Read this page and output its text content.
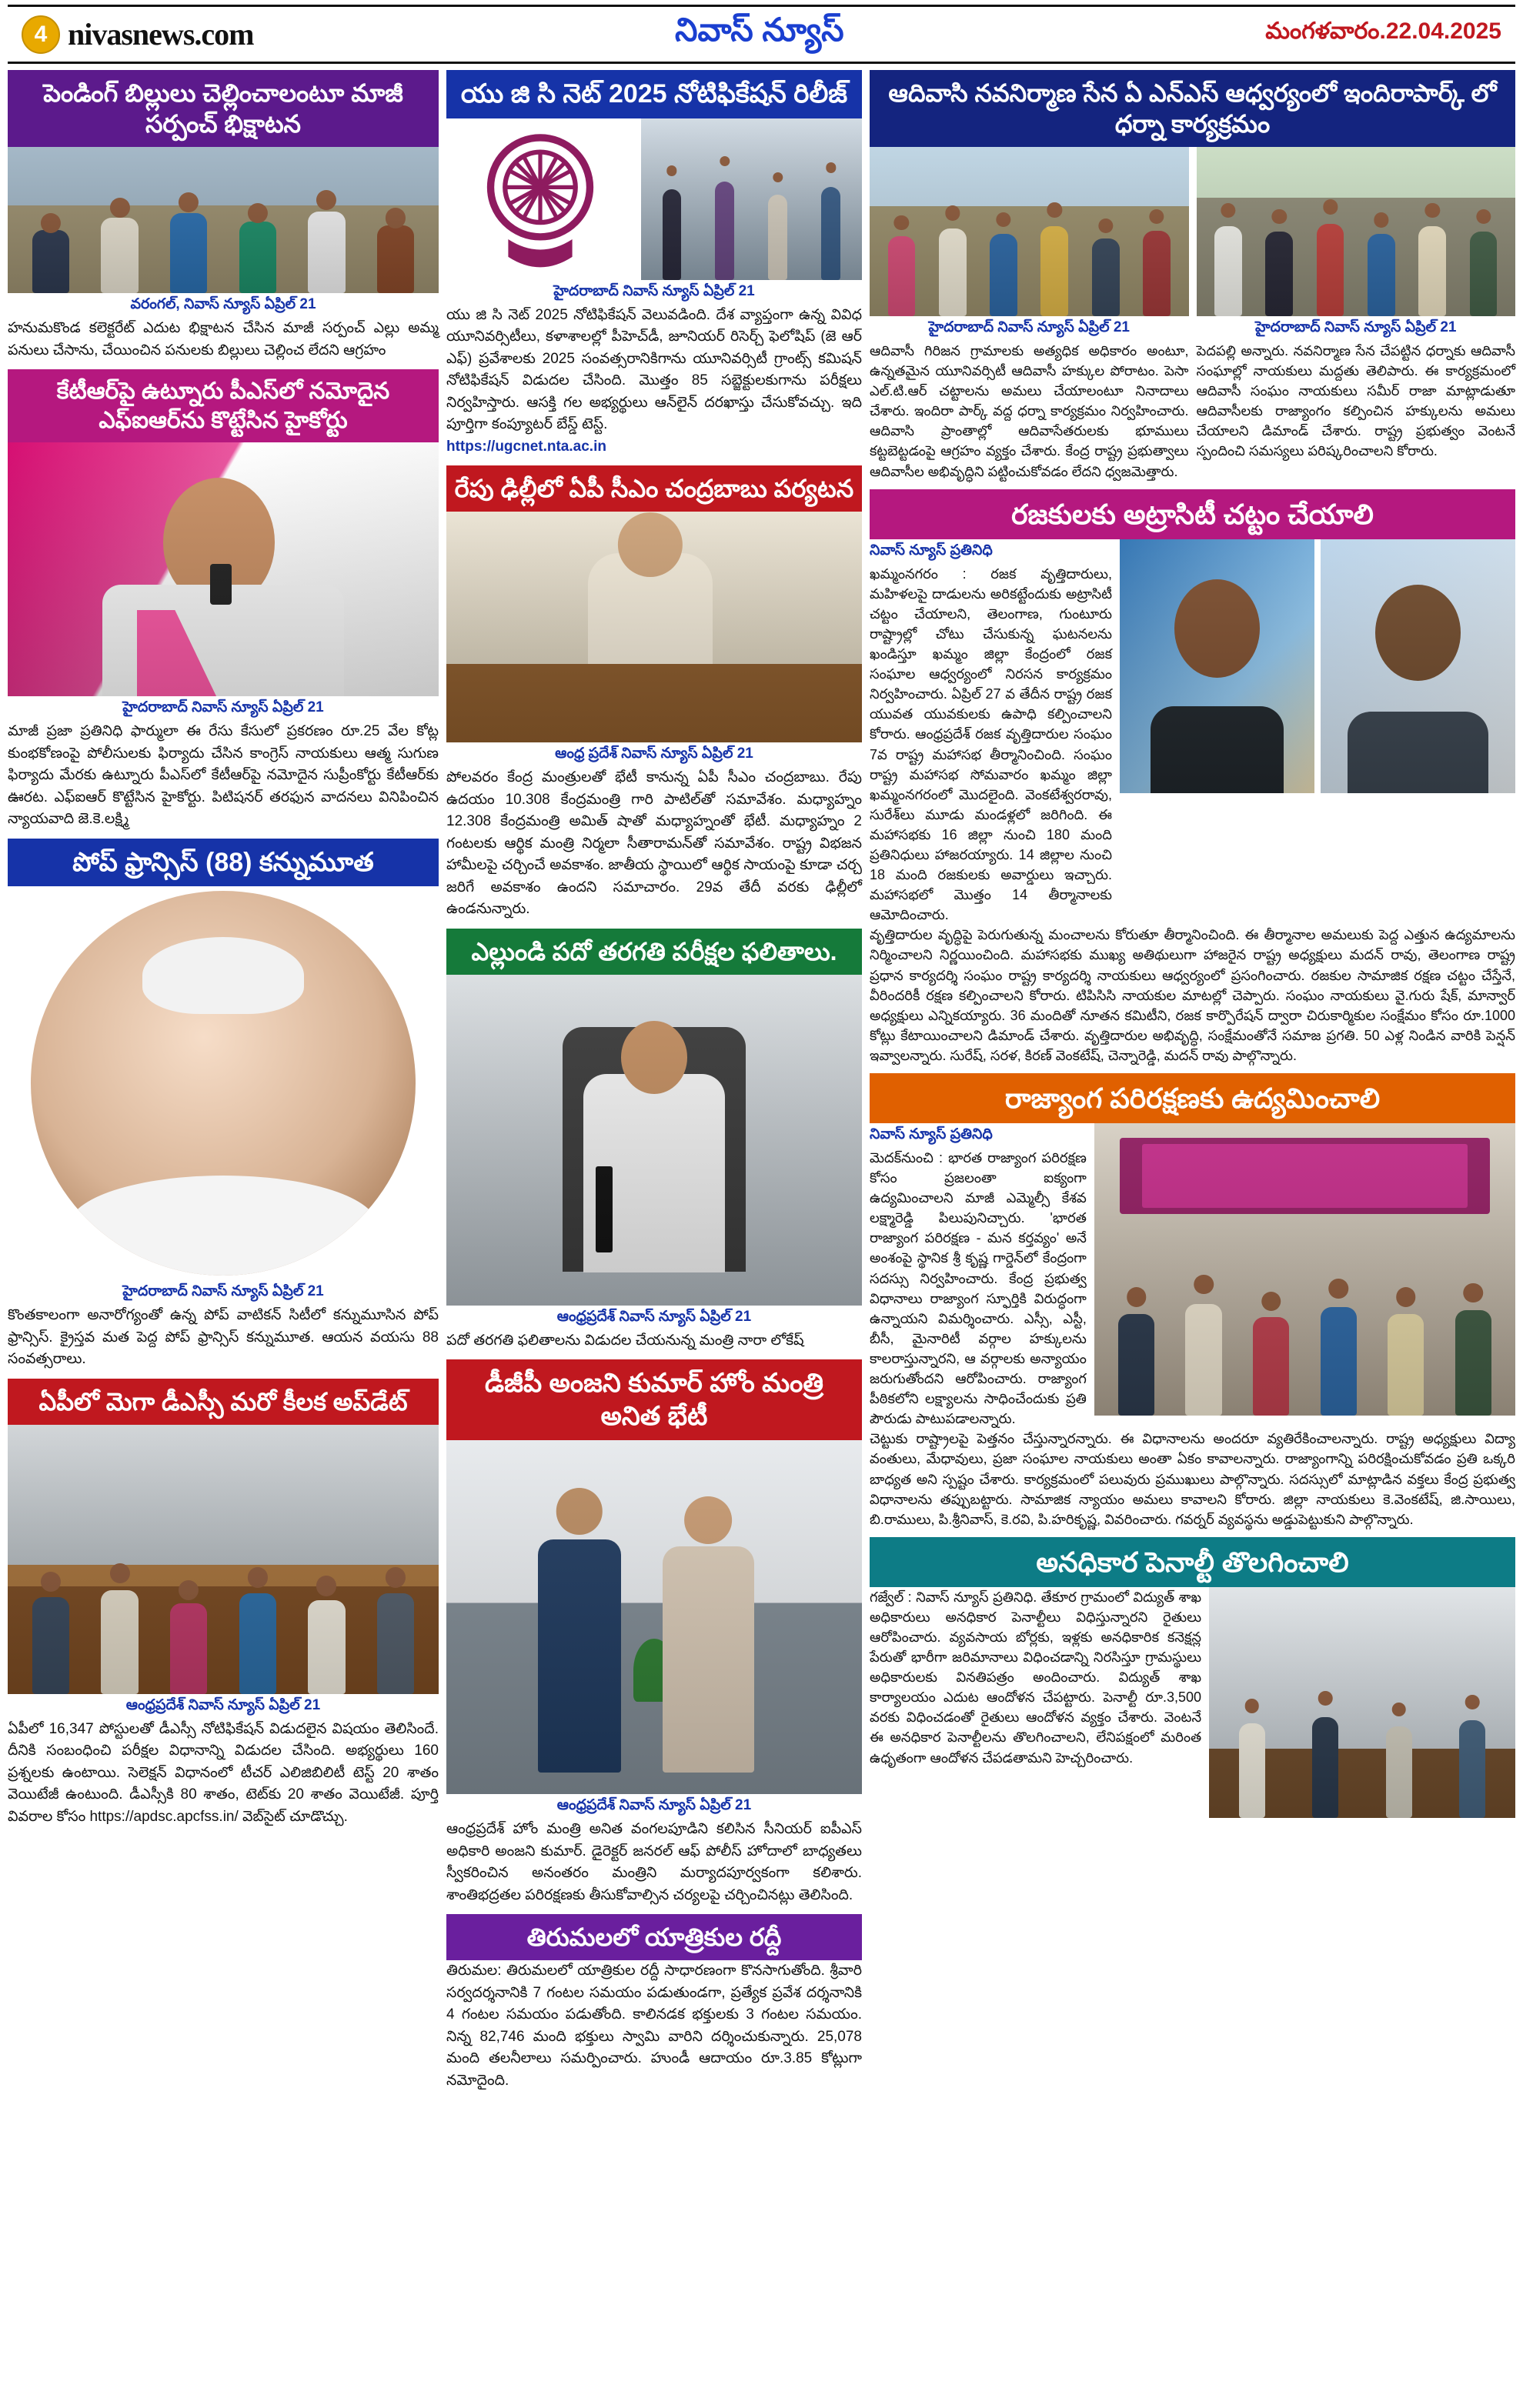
4 nivasnews.com	నివాస్ న్యూస్	మంగళవారం.22.04.2025
పెండింగ్ బిల్లులు చెల్లించాలంటూ మాజీ సర్పంచ్ భిక్షాటన
వరంగల్, నివాస్ న్యూస్ ఏప్రిల్ 21
హనుమకొండ కలెక్టరేట్ ఎదుట భిక్షాటన చేసిన మాజీ సర్పంచ్ ఎల్లు అమ్మ పనులు చేసాను, చేయించిన పనులకు బిల్లులు చెల్లించ లేదని ఆగ్రహం
కేటీఆర్‌పై ఉట్నూరు పీఎస్‌లో నమోదైన ఎఫ్ఐఆర్‌ను కొట్టేసిన హైకోర్టు
హైదరాబాద్ నివాస్ న్యూస్ ఏప్రిల్ 21
మాజీ ప్రజా ప్రతినిధి ఫార్ములా ఈ రేసు కేసులో ప్రకరణం రూ.25 వేల కోట్ల కుంభకోణంపై పోలీసులకు ఫిర్యాదు చేసిన కాంగ్రెస్ నాయకులు ఆత్మ సుగుణ ఫిర్యాదు మేరకు ఉట్నూరు పీఎస్‌లో కేటీఆర్‌పై నమోదైన సుప్రీంకోర్టు కేటీఆర్‌కు ఊరట. ఎఫ్ఐఆర్ కొట్టేసిన హైకోర్టు. పిటిషనర్ తరఫున వాదనలు వినిపించిన న్యాయవాది జె.కె.లక్ష్మి
పోప్ ఫ్రాన్సిస్ (88) కన్నుమూత
హైదరాబాద్ నివాస్ న్యూస్ ఏప్రిల్ 21
కొంతకాలంగా అనారోగ్యంతో ఉన్న పోప్ వాటికన్ సిటీలో కన్నుమూసిన పోప్ ఫ్రాన్సిస్. క్రైస్తవ మత పెద్ద పోప్ ఫ్రాన్సిస్ కన్నుమూత. ఆయన వయసు 88 సంవత్సరాలు.
ఏపీలో మెగా డీఎస్సీ మరో కీలక అప్‌డేట్
ఆంధ్రప్రదేశ్ నివాస్ న్యూస్ ఏప్రిల్ 21
ఏపీలో 16,347 పోస్టులతో డీఎస్సీ నోటిఫికేషన్ విడుదలైన విషయం తెలిసిందే. దీనికి సంబంధించి పరీక్షల విధానాన్ని విడుదల చేసింది. అభ్యర్థులు 160 ప్రశ్నలకు ఉంటాయి. సెలెక్షన్ విధానంలో టీచర్ ఎలిజిబిలిటీ టెస్ట్ 20 శాతం వెయిటేజీ ఉంటుంది. డీఎస్సీకి 80 శాతం, టెట్‌కు 20 శాతం వెయిటేజీ. పూర్తి వివరాల కోసం https://apdsc.apcfss.in/ వెబ్‌సైట్ చూడొచ్చు.
యు జి సి నెట్ 2025 నోటిఫికేషన్ రిలీజ్
హైదరాబాద్ నివాస్ న్యూస్ ఏప్రిల్ 21
యు జి సి నెట్ 2025 నోటిఫికేషన్ వెలువడింది. దేశ వ్యాప్తంగా ఉన్న వివిధ యూనివర్సిటీలు, కళాశాలల్లో పీహెచ్‌డీ, జూనియర్ రిసెర్చ్ ఫెలోషిప్ (జె ఆర్ ఎఫ్) ప్రవేశాలకు 2025 సంవత్సరానికిగాను యూనివర్సిటీ గ్రాంట్స్ కమిషన్ నోటిఫికేషన్ విడుదల చేసింది. మొత్తం 85 సబ్జెక్టులకుగాను పరీక్షలు నిర్వహిస్తారు. ఆసక్తి గల అభ్యర్థులు ఆన్‌లైన్ దరఖాస్తు చేసుకోవచ్చు. ఇది పూర్తిగా కంప్యూటర్ బేస్డ్ టెస్ట్.
https://ugcnet.nta.ac.in
రేపు ఢిల్లీలో ఏపీ సీఎం చంద్రబాబు పర్యటన
ఆంధ్ర ప్రదేశ్ నివాస్ న్యూస్ ఏప్రిల్ 21
పోలవరం కేంద్ర మంత్రులతో భేటీ కానున్న ఏపీ సీఎం చంద్రబాబు. రేపు ఉదయం 10.308 కేంద్రమంత్రి గారి పాటిల్‌తో సమావేశం. మధ్యాహ్నం 12.308 కేంద్రమంత్రి అమిత్ షాతో మధ్యాహ్నంతో భేటీ. మధ్యాహ్నం 2 గంటలకు ఆర్థిక మంత్రి నిర్మలా సీతారామన్‌తో సమావేశం. రాష్ట్ర విభజన హామీలపై చర్చించే అవకాశం. జాతీయ స్థాయిలో ఆర్థిక సాయంపై కూడా చర్చ జరిగే అవకాశం ఉందని సమాచారం. 29వ తేదీ వరకు ఢిల్లీలో ఉండనున్నారు.
ఎల్లుండి పదో తరగతి పరీక్షల ఫలితాలు.
ఆంధ్రప్రదేశ్ నివాస్ న్యూస్ ఏప్రిల్ 21
పదో తరగతి ఫలితాలను విడుదల చేయనున్న మంత్రి నారా లోకేష్
డీజీపీ అంజని కుమార్ హోం మంత్రి అనిత భేటీ
ఆంధ్రప్రదేశ్ నివాస్ న్యూస్ ఏప్రిల్ 21
ఆంధ్రప్రదేశ్ హోం మంత్రి అనిత వంగలపూడిని కలిసిన సీనియర్ ఐపీఎస్ అధికారి అంజని కుమార్. డైరెక్టర్ జనరల్ ఆఫ్ పోలీస్ హోదాలో బాధ్యతలు స్వీకరించిన అనంతరం మంత్రిని మర్యాదపూర్వకంగా కలిశారు. శాంతిభద్రతల పరిరక్షణకు తీసుకోవాల్సిన చర్యలపై చర్చించినట్లు తెలిసింది.
తిరుమలలో యాత్రికుల రద్దీ
తిరుమల: తిరుమలలో యాత్రికుల రద్దీ సాధారణంగా కొనసాగుతోంది. శ్రీవారి సర్వదర్శనానికి 7 గంటల సమయం పడుతుండగా, ప్రత్యేక ప్రవేశ దర్శనానికి 4 గంటల సమయం పడుతోంది. కాలినడక భక్తులకు 3 గంటల సమయం. నిన్న 82,746 మంది భక్తులు స్వామి వారిని దర్శించుకున్నారు. 25,078 మంది తలనీలాలు సమర్పించారు. హుండీ ఆదాయం రూ.3.85 కోట్లుగా నమోదైంది.
ఆదివాసి నవనిర్మాణ సేన ఏ ఎన్ఎస్ ఆధ్వర్యంలో ఇందిరాపార్క్ లో ధర్నా కార్యక్రమం
హైదరాబాద్ నివాస్ న్యూస్ ఏప్రిల్ 21	హైదరాబాద్ నివాస్ న్యూస్ ఏప్రిల్ 21
ఆదివాసీ గిరిజన గ్రామాలకు అత్యధిక అధికారం అంటూ, ఉన్నతమైన యూనివర్సిటీ ఆదివాసీ హక్కుల పోరాటం. పెసా ఎల్.టి.ఆర్ చట్టాలను అమలు చేయాలంటూ నినాదాలు చేశారు. ఇందిరా పార్క్ వద్ద ధర్నా కార్యక్రమం నిర్వహించారు. ఆదివాసి ప్రాంతాల్లో ఆదివాసేతరులకు భూములు కట్టబెట్టడంపై ఆగ్రహం వ్యక్తం చేశారు. కేంద్ర రాష్ట్ర ప్రభుత్వాలు ఆదివాసీల అభివృద్ధిని పట్టించుకోవడం లేదని ధ్వజమెత్తారు.
పెదపల్లి అన్నారు. నవనిర్మాణ సేన చేపట్టిన ధర్నాకు ఆదివాసీ సంఘాల్లో నాయకులు మద్దతు తెలిపారు. ఈ కార్యక్రమంలో ఆదివాసీ సంఘం నాయకులు సమీర్ రాజా మాట్లాడుతూ ఆదివాసీలకు రాజ్యాంగం కల్పించిన హక్కులను అమలు చేయాలని డిమాండ్ చేశారు. రాష్ట్ర ప్రభుత్వం వెంటనే స్పందించి సమస్యలు పరిష్కరించాలని కోరారు.
రజకులకు అట్రాసిటీ చట్టం చేయాలి
నివాస్ న్యూస్ ప్రతినిధి
ఖమ్మంనగరం : రజక వృత్తిదారులు, మహిళలపై దాడులను అరికట్టేందుకు అట్రాసిటీ చట్టం చేయాలని, తెలంగాణ, గుంటూరు రాష్ట్రాల్లో చోటు చేసుకున్న ఘటనలను ఖండిస్తూ ఖమ్మం జిల్లా కేంద్రంలో రజక సంఘాల ఆధ్వర్యంలో నిరసన కార్యక్రమం నిర్వహించారు. ఏప్రిల్ 27 వ తేదీన రాష్ట్ర రజక యువత యువకులకు ఉపాధి కల్పించాలని కోరారు. ఆంధ్రప్రదేశ్ రజక వృత్తిదారుల సంఘం 7వ రాష్ట్ర మహాసభ తీర్మానించింది. సంఘం రాష్ట్ర మహాసభ సోమవారం ఖమ్మం జిల్లా ఖమ్మంనగరంలో మొదలైంది. వెంకటేశ్వరరావు, సురేశ్‌లు మూడు మండళ్లలో జరిగింది. ఈ మహాసభకు 16 జిల్లా నుంచి 180 మంది ప్రతినిధులు హాజరయ్యారు. 14 జిల్లాల నుంచి 18 మంది రజకులకు అవార్డులు ఇచ్చారు. మహాసభలో మొత్తం 14 తీర్మానాలకు ఆమోదించారు.
వృత్తిదారుల వృద్ధిపై పెరుగుతున్న మంచాలను కోరుతూ తీర్మానించింది. ఈ తీర్మానాల అమలుకు పెద్ద ఎత్తున ఉద్యమాలను నిర్మించాలని నిర్ణయించింది. మహాసభకు ముఖ్య అతిథులుగా హాజరైన రాష్ట్ర అధ్యక్షులు మదన్ రావు, తెలంగాణ రాష్ట్ర ప్రధాన కార్యదర్శి సంఘం రాష్ట్ర కార్యదర్శి నాయకులు ఆధ్వర్యంలో ప్రసంగించారు. రజకుల సామాజిక రక్షణ చట్టం చేస్తేనే, వీరిందరికీ రక్షణ కల్పించాలని కోరారు. టిపిసిసి నాయకుల మాటల్లో చెప్పారు. సంఘం నాయకులు వై.గురు షేక్, మాన్వార్ అధ్యక్షులు ఎన్నికయ్యారు. 36 మందితో నూతన కమిటీని, రజక కార్పొరేషన్ ద్వారా చిరుకార్మికుల సంక్షేమం కోసం రూ.1000 కోట్లు కేటాయించాలని డిమాండ్ చేశారు. వృత్తిదారుల అభివృద్ధి, సంక్షేమంతోనే సమాజ ప్రగతి. 50 ఎళ్ల నిండిన వారికి పెన్షన్ ఇవ్వాలన్నారు. సురేష్, సరళ, కిరణ్ వెంకటేష్, చెన్నారెడ్డి, మదన్ రావు పాల్గొన్నారు.
రాజ్యాంగ పరిరక్షణకు ఉద్యమించాలి
నివాస్ న్యూస్ ప్రతినిధి
మెదక్‌నుంచి : భారత రాజ్యాంగ పరిరక్షణ కోసం ప్రజలంతా ఐక్యంగా ఉద్యమించాలని మాజీ ఎమ్మెల్సీ కేశవ లక్ష్మారెడ్డి పిలుపునిచ్చారు. 'భారత రాజ్యాంగ పరిరక్షణ - మన కర్తవ్యం' అనే అంశంపై స్థానిక శ్రీ కృష్ణ గార్డెన్‌లో కేంద్రంగా సదస్సు నిర్వహించారు. కేంద్ర ప్రభుత్వ విధానాలు రాజ్యాంగ స్ఫూర్తికి విరుద్ధంగా ఉన్నాయని విమర్శించారు. ఎస్సీ, ఎస్టీ, బీసీ, మైనారిటీ వర్గాల హక్కులను కాలరాస్తున్నారని, ఆ వర్గాలకు అన్యాయం జరుగుతోందని ఆరోపించారు. రాజ్యాంగ పీఠికలోని లక్ష్యాలను సాధించేందుకు ప్రతి పౌరుడు పాటుపడాలన్నారు.
చెట్టుకు రాష్ట్రాలపై పెత్తనం చేస్తున్నారన్నారు. ఈ విధానాలను అందరూ వ్యతిరేకించాలన్నారు. రాష్ట్ర అధ్యక్షులు విద్యా వంతులు, మేధావులు, ప్రజా సంఘాల నాయకులు అంతా ఏకం కావాలన్నారు. రాజ్యాంగాన్ని పరిరక్షించుకోవడం ప్రతి ఒక్కరి బాధ్యత అని స్పష్టం చేశారు. కార్యక్రమంలో పలువురు ప్రముఖులు పాల్గొన్నారు. సదస్సులో మాట్లాడిన వక్తలు కేంద్ర ప్రభుత్వ విధానాలను తప్పుబట్టారు. సామాజిక న్యాయం అమలు కావాలని కోరారు. జిల్లా నాయకులు కె.వెంకటేష్, జి.సాయిలు, బి.రాములు, పి.శ్రీనివాస్, కె.రవి, పి.హరికృష్ణ, వివరించారు. గవర్నర్ వ్యవస్థను అడ్డుపెట్టుకుని పాల్గొన్నారు.
అనధికార పెనాల్టీ తొలగించాలి
గజ్వేల్ : నివాస్ న్యూస్ ప్రతినిధి. తేకూర గ్రామంలో విద్యుత్ శాఖ అధికారులు అనధికార పెనాల్టీలు విధిస్తున్నారని రైతులు ఆరోపించారు. వ్యవసాయ బోర్లకు, ఇళ్లకు అనధికారిక కనెక్షన్ల పేరుతో భారీగా జరిమానాలు విధించడాన్ని నిరసిస్తూ గ్రామస్థులు అధికారులకు వినతిపత్రం అందించారు. విద్యుత్ శాఖ కార్యాలయం ఎదుట ఆందోళన చేపట్టారు. పెనాల్టీ రూ.3,500 వరకు విధించడంతో రైతులు ఆందోళన వ్యక్తం చేశారు. వెంటనే ఈ అనధికార పెనాల్టీలను తొలగించాలని, లేనిపక్షంలో మరింత ఉధృతంగా ఆందోళన చేపడతామని హెచ్చరించారు.
